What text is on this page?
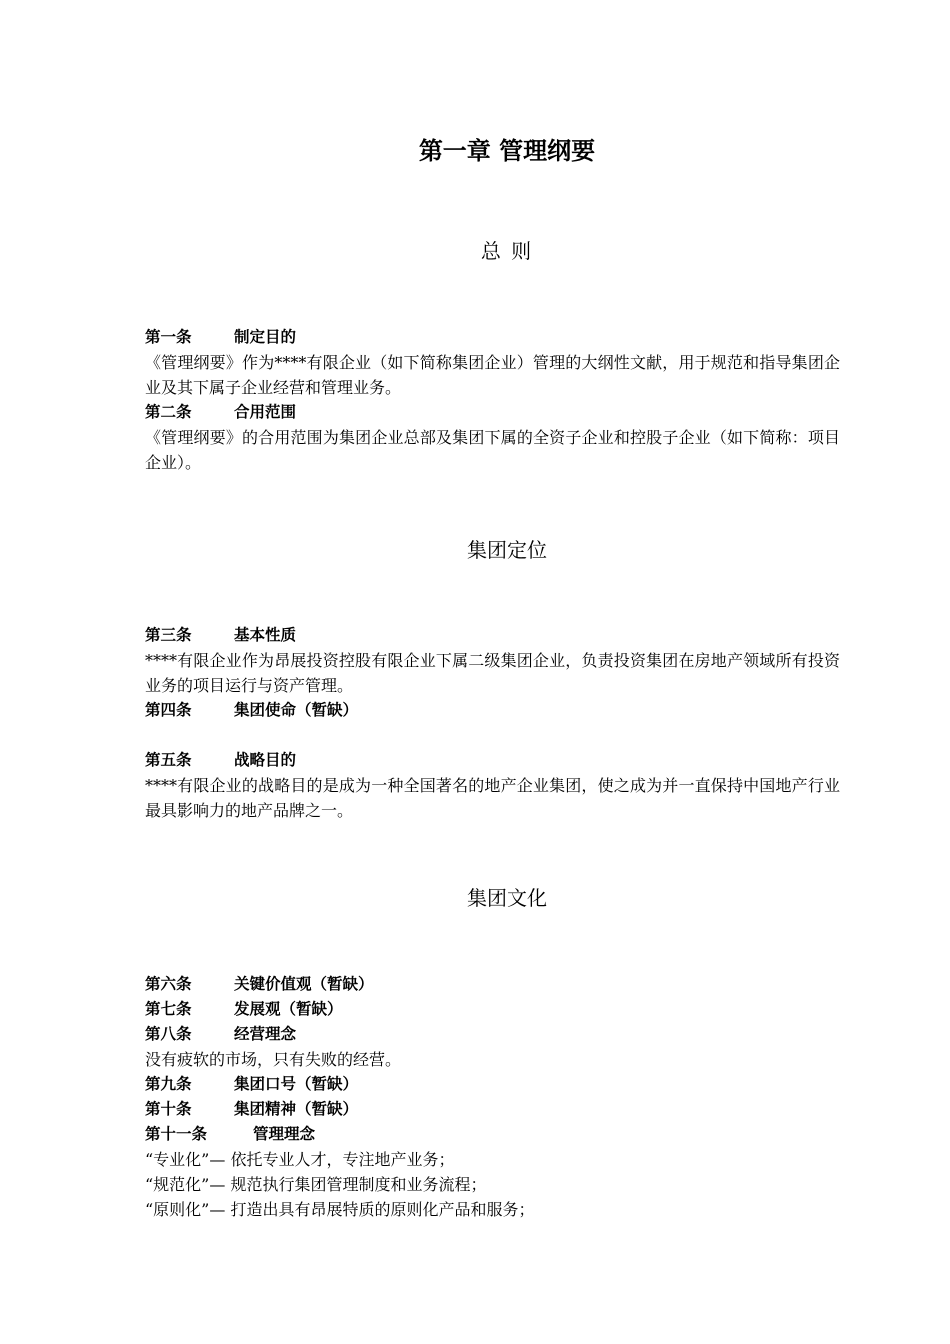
第一章 管理纲要
总 则
第一条	制定目的
《管理纲要》作为****有限企业（如下简称集团企业）管理的大纲性文献，用于规范和指导集团企业及其下属子企业经营和管理业务。
第二条	合用范围
《管理纲要》的合用范围为集团企业总部及集团下属的全资子企业和控股子企业（如下简称：项目企业）。
集团定位
第三条	基本性质
****有限企业作为昂展投资控股有限企业下属二级集团企业，负责投资集团在房地产领域所有投资业务的项目运行与资产管理。
第四条	集团使命（暂缺）
第五条	战略目的
****有限企业的战略目的是成为一种全国著名的地产企业集团，使之成为并一直保持中国地产行业最具影响力的地产品牌之一。
集团文化
第六条	关键价值观（暂缺）
第七条	发展观（暂缺）
第八条	经营理念
没有疲软的市场，只有失败的经营。
第九条	集团口号（暂缺）
第十条	集团精神（暂缺）
第十一条	管理理念
“专业化”— 依托专业人才，专注地产业务；
“规范化”— 规范执行集团管理制度和业务流程；
“原则化”— 打造出具有昂展特质的原则化产品和服务；
